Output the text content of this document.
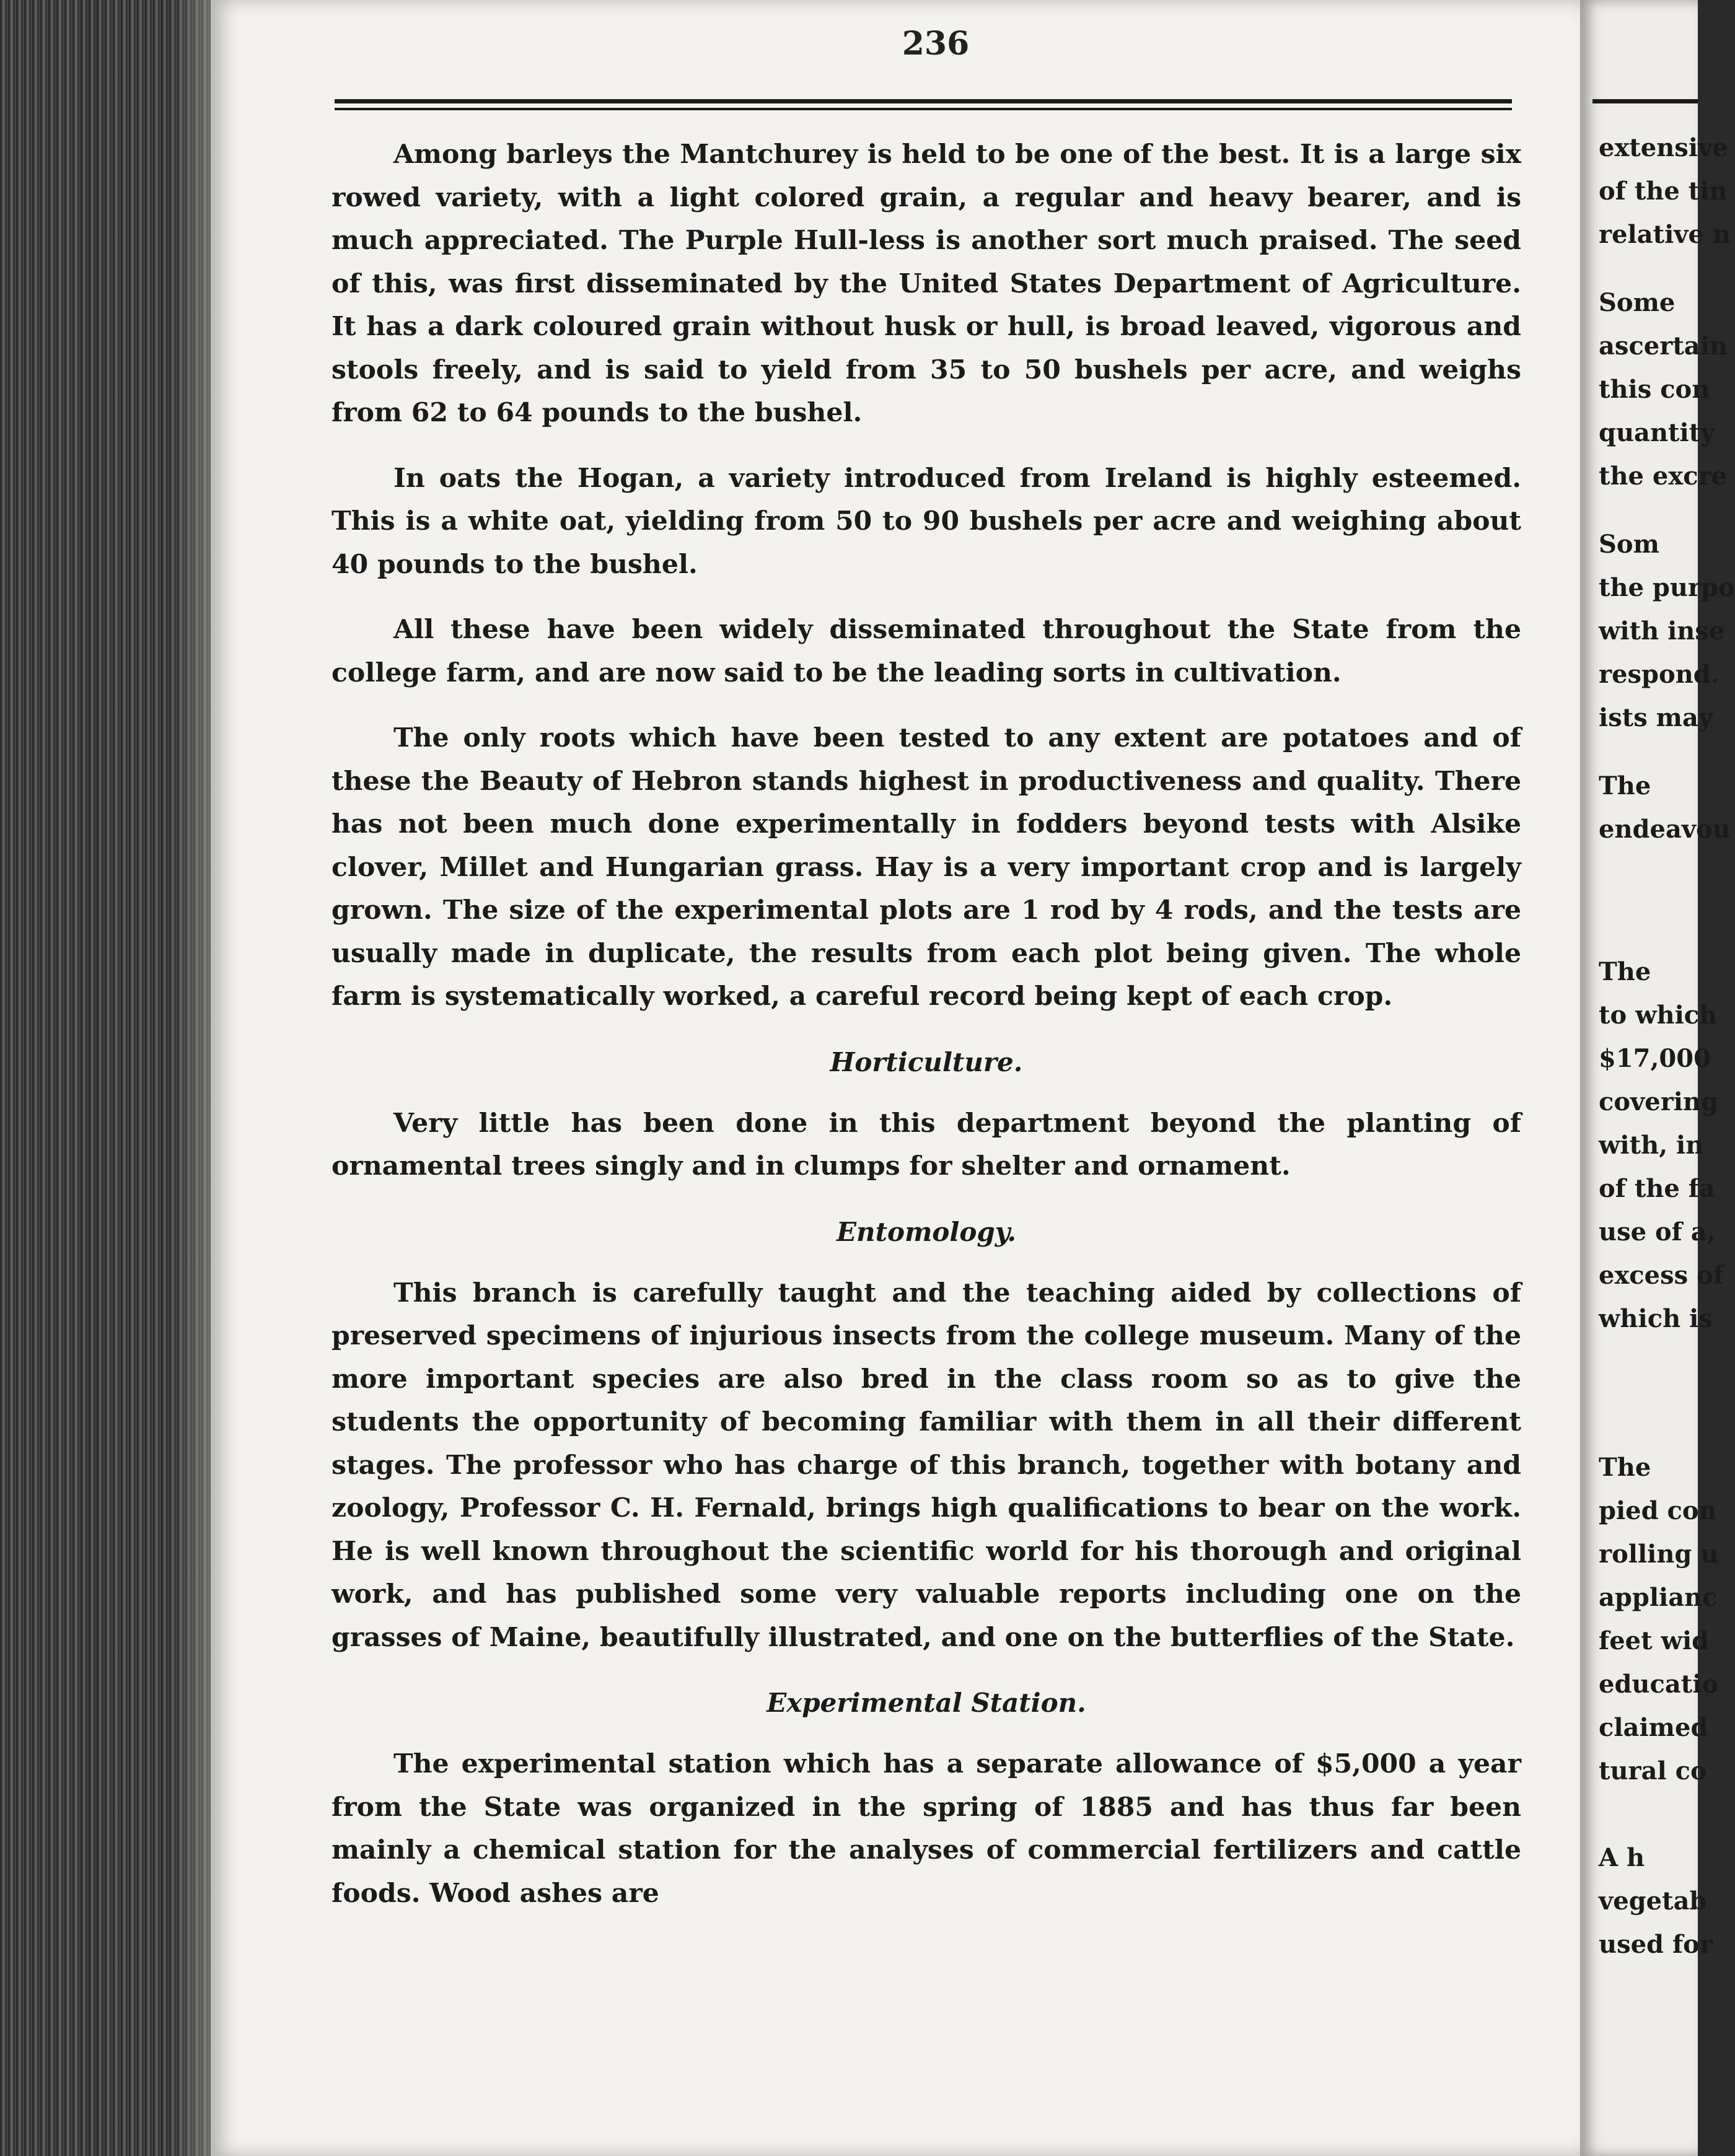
236

Among barleys the Mantchurey is held to be one of the best. It is a large six rowed variety, with a light colored grain, a regular and heavy bearer, and is much appreciated. The Purple Hull-less is another sort much praised. The seed of this, was first disseminated by the United States Department of Agriculture. It has a dark coloured grain without husk or hull, is broad leaved, vigorous and stools freely, and is said to yield from 35 to 50 bushels per acre, and weighs from 62 to 64 pounds to the bushel.

In oats the Hogan, a variety introduced from Ireland is highly esteemed. This is a white oat, yielding from 50 to 90 bushels per acre and weighing about 40 pounds to the bushel.

All these have been widely disseminated throughout the State from the college farm, and are now said to be the leading sorts in cultivation.

The only roots which have been tested to any extent are potatoes and of these the Beauty of Hebron stands highest in productiveness and quality. There has not been much done experimentally in fodders beyond tests with Alsike clover, Millet and Hungarian grass. Hay is a very important crop and is largely grown. The size of the experimental plots are 1 rod by 4 rods, and the tests are usually made in duplicate, the results from each plot being given. The whole farm is systematically worked, a careful record being kept of each crop.

Horticulture.

Very little has been done in this department beyond the planting of ornamental trees singly and in clumps for shelter and ornament.

Entomology.

This branch is carefully taught and the teaching aided by collections of preserved specimens of injurious insects from the college museum. Many of the more important species are also bred in the class room so as to give the students the opportunity of becoming familiar with them in all their different stages. The professor who has charge of this branch, together with botany and zoology, Professor C. H. Fernald, brings high qualifications to bear on the work. He is well known throughout the scientific world for his thorough and original work, and has published some very valuable reports including one on the grasses of Maine, beautifully illustrated, and one on the butterflies of the State.

Experimental Station.

The experimental station which has a separate allowance of $5,000 a year from the State was organized in the spring of 1885 and has thus far been mainly a chemical station for the analyses of commercial fertilizers and cattle foods. Wood ashes are

extensive
of the tin
relative n
Some
ascertain
this con
quantity
the excre
Som
the purpo
with inse
respond.
ists may
The
endeavou
The
to which
$17,000
covering
with, in
of the fa
use of a,
excess of
which is
The
pied con
rolling u
applianc
feet wid
educatio
claimed
tural co
A h
vegetab
used for
